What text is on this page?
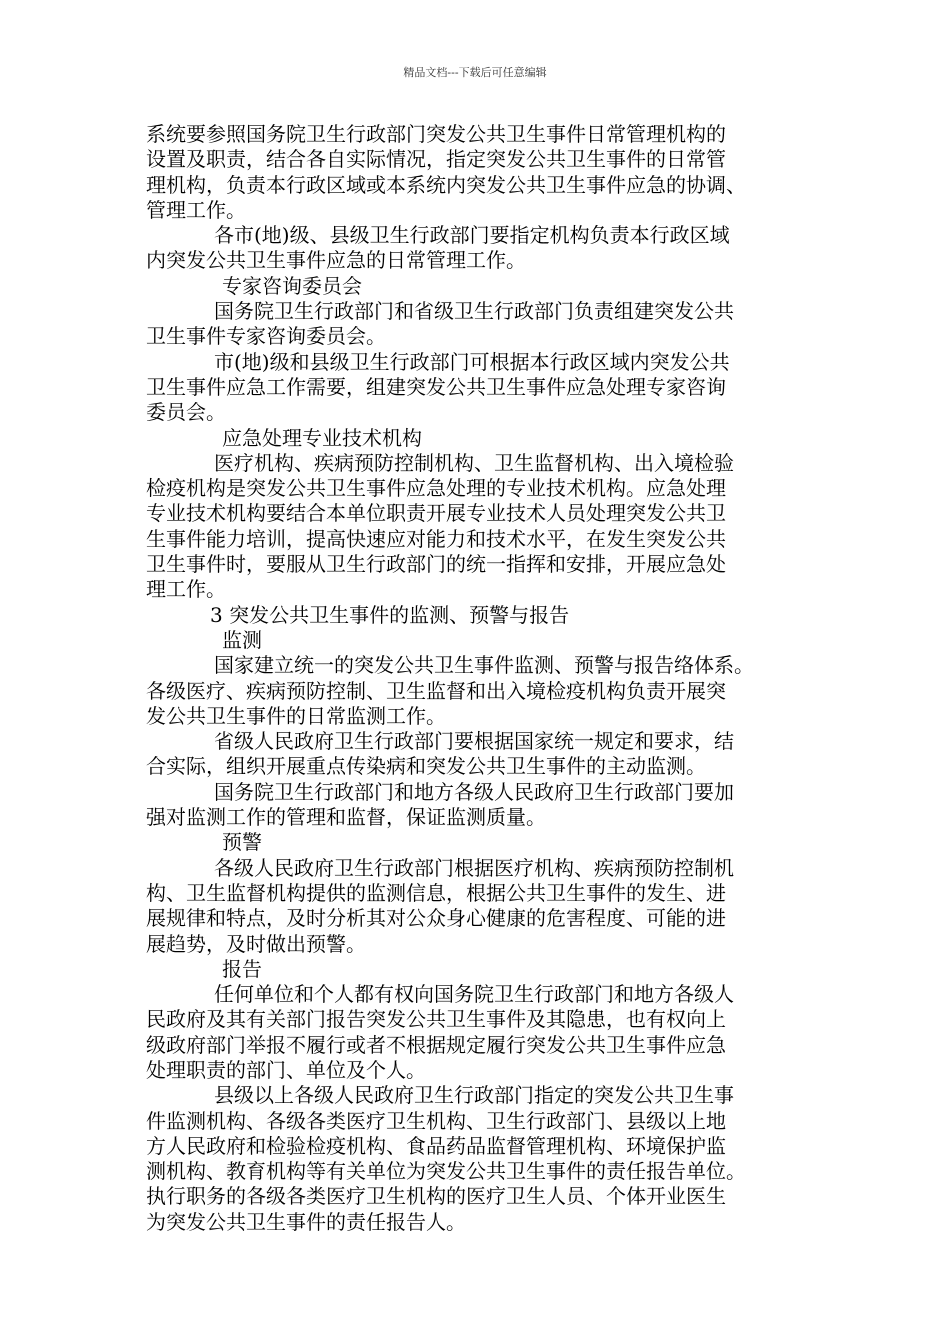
精品文档---下载后可任意编辑
系统要参照国务院卫生行政部门突发公共卫生事件日常管理机构的
设置及职责，结合各自实际情况，指定突发公共卫生事件的日常管
理机构，负责本行政区域或本系统内突发公共卫生事件应急的协调、
管理工作。
各市(地)级、县级卫生行政部门要指定机构负责本行政区域
内突发公共卫生事件应急的日常管理工作。
专家咨询委员会
国务院卫生行政部门和省级卫生行政部门负责组建突发公共
卫生事件专家咨询委员会。
市(地)级和县级卫生行政部门可根据本行政区域内突发公共
卫生事件应急工作需要，组建突发公共卫生事件应急处理专家咨询
委员会。
应急处理专业技术机构
医疗机构、疾病预防控制机构、卫生监督机构、出入境检验
检疫机构是突发公共卫生事件应急处理的专业技术机构。应急处理
专业技术机构要结合本单位职责开展专业技术人员处理突发公共卫
生事件能力培训，提高快速应对能力和技术水平，在发生突发公共
卫生事件时，要服从卫生行政部门的统一指挥和安排，开展应急处
理工作。
3 突发公共卫生事件的监测、预警与报告
监测
国家建立统一的突发公共卫生事件监测、预警与报告络体系。
各级医疗、疾病预防控制、卫生监督和出入境检疫机构负责开展突
发公共卫生事件的日常监测工作。
省级人民政府卫生行政部门要根据国家统一规定和要求，结
合实际，组织开展重点传染病和突发公共卫生事件的主动监测。
国务院卫生行政部门和地方各级人民政府卫生行政部门要加
强对监测工作的管理和监督，保证监测质量。
预警
各级人民政府卫生行政部门根据医疗机构、疾病预防控制机
构、卫生监督机构提供的监测信息，根据公共卫生事件的发生、进
展规律和特点，及时分析其对公众身心健康的危害程度、可能的进
展趋势，及时做出预警。
报告
任何单位和个人都有权向国务院卫生行政部门和地方各级人
民政府及其有关部门报告突发公共卫生事件及其隐患，也有权向上
级政府部门举报不履行或者不根据规定履行突发公共卫生事件应急
处理职责的部门、单位及个人。
县级以上各级人民政府卫生行政部门指定的突发公共卫生事
件监测机构、各级各类医疗卫生机构、卫生行政部门、县级以上地
方人民政府和检验检疫机构、食品药品监督管理机构、环境保护监
测机构、教育机构等有关单位为突发公共卫生事件的责任报告单位。
执行职务的各级各类医疗卫生机构的医疗卫生人员、个体开业医生
为突发公共卫生事件的责任报告人。
